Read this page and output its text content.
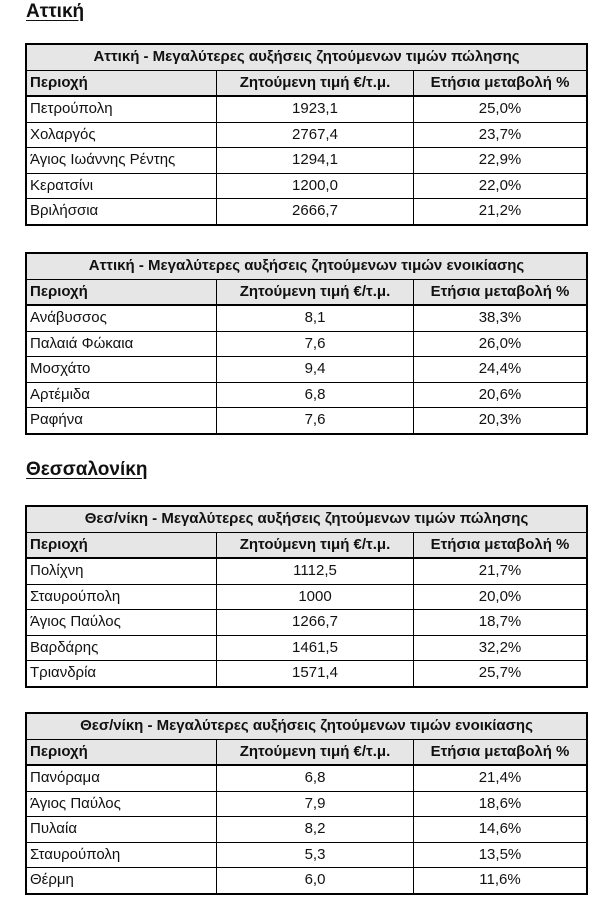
Αττική
Αττική - Μεγαλύτερες αυξήσεις ζητούμενων τιμών πώλησης		
Περιοχή	Ζητούμενη τιμή €/τ.μ.	Ετήσια μεταβολή %
Πετρούπολη	1923,1	25,0%
Χολαργός	2767,4	23,7%
Άγιος Ιωάννης Ρέντης	1294,1	22,9%
Κερατσίνι	1200,0	22,0%
Βριλήσσια	2666,7	21,2%
Αττική - Μεγαλύτερες αυξήσεις ζητούμενων τιμών ενοικίασης		
Περιοχή	Ζητούμενη τιμή €/τ.μ.	Ετήσια μεταβολή %
Ανάβυσσος	8,1	38,3%
Παλαιά Φώκαια	7,6	26,0%
Μοσχάτο	9,4	24,4%
Αρτέμιδα	6,8	20,6%
Ραφήνα	7,6	20,3%
Θεσσαλονίκη
Θεσ/νίκη - Μεγαλύτερες αυξήσεις ζητούμενων τιμών πώλησης		
Περιοχή	Ζητούμενη τιμή €/τ.μ.	Ετήσια μεταβολή %
Πολίχνη	1112,5	21,7%
Σταυρούπολη	1000	20,0%
Άγιος Παύλος	1266,7	18,7%
Βαρδάρης	1461,5	32,2%
Τριανδρία	1571,4	25,7%
Θεσ/νίκη - Μεγαλύτερες αυξήσεις ζητούμενων τιμών ενοικίασης		
Περιοχή	Ζητούμενη τιμή €/τ.μ.	Ετήσια μεταβολή %
Πανόραμα	6,8	21,4%
Άγιος Παύλος	7,9	18,6%
Πυλαία	8,2	14,6%
Σταυρούπολη	5,3	13,5%
Θέρμη	6,0	11,6%
